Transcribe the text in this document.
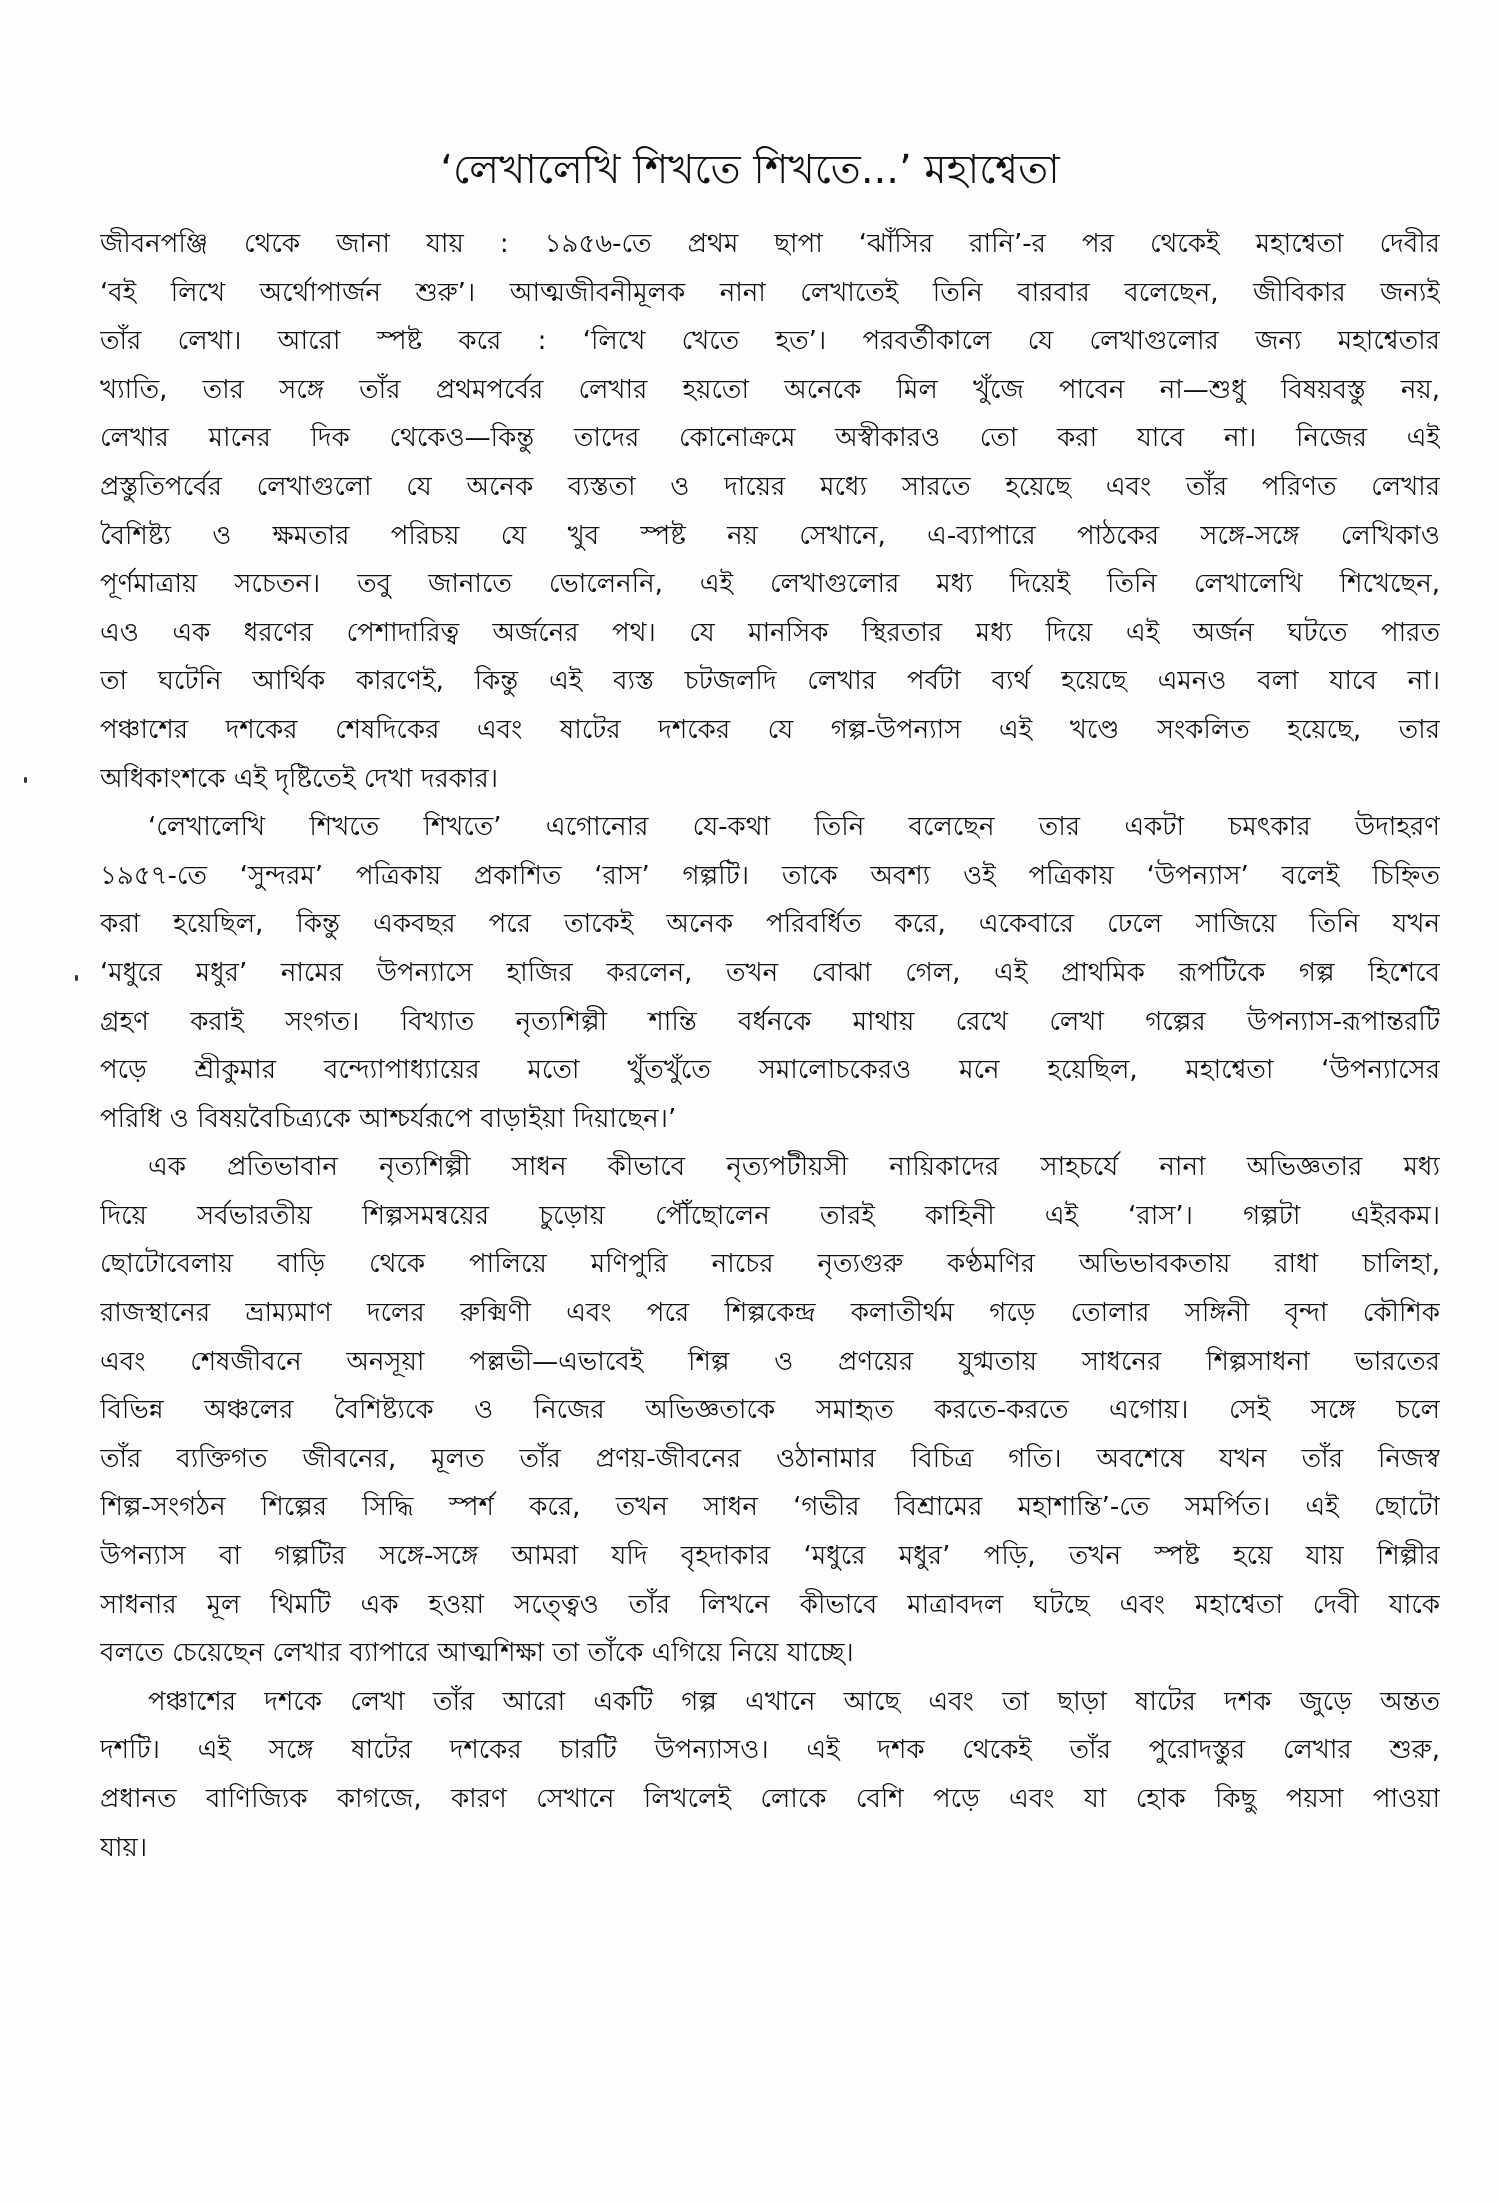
‘লেখালেখি শিখতে শিখতে...’ মহাশ্বেতা
জীবনপঞ্জি থেকে জানা যায় : ১৯৫৬-তে প্রথম ছাপা ‘ঝাঁসির রানি’-র পর থেকেই মহাশ্বেতা দেবীর
‘বই লিখে অর্থোপার্জন শুরু’। আত্মজীবনীমূলক নানা লেখাতেই তিনি বারবার বলেছেন, জীবিকার জন্যই
তাঁর লেখা। আরো স্পষ্ট করে : ‘লিখে খেতে হত’। পরবর্তীকালে যে লেখাগুলোর জন্য মহাশ্বেতার
খ্যাতি, তার সঙ্গে তাঁর প্রথমপর্বের লেখার হয়তো অনেকে মিল খুঁজে পাবেন না—শুধু বিষয়বস্তু নয়,
লেখার মানের দিক থেকেও—কিন্তু তাদের কোনোক্রমে অস্বীকারও তো করা যাবে না। নিজের এই
প্রস্তুতিপর্বের লেখাগুলো যে অনেক ব্যস্ততা ও দায়ের মধ্যে সারতে হয়েছে এবং তাঁর পরিণত লেখার
বৈশিষ্ট্য ও ক্ষমতার পরিচয় যে খুব স্পষ্ট নয় সেখানে, এ-ব্যাপারে পাঠকের সঙ্গে-সঙ্গে লেখিকাও
পূর্ণমাত্রায় সচেতন। তবু জানাতে ভোলেননি, এই লেখাগুলোর মধ্য দিয়েই তিনি লেখালেখি শিখেছেন,
এও এক ধরণের পেশাদারিত্ব অর্জনের পথ। যে মানসিক স্থিরতার মধ্য দিয়ে এই অর্জন ঘটতে পারত
তা ঘটেনি আর্থিক কারণেই, কিন্তু এই ব্যস্ত চটজলদি লেখার পর্বটা ব্যর্থ হয়েছে এমনও বলা যাবে না।
পঞ্চাশের দশকের শেষদিকের এবং ষাটের দশকের যে গল্প-উপন্যাস এই খণ্ডে সংকলিত হয়েছে, তার
অধিকাংশকে এই দৃষ্টিতেই দেখা দরকার।
‘লেখালেখি শিখতে শিখতে’ এগোনোর যে-কথা তিনি বলেছেন তার একটা চমৎকার উদাহরণ
১৯৫৭-তে ‘সুন্দরম’ পত্রিকায় প্রকাশিত ‘রাস’ গল্পটি। তাকে অবশ্য ওই পত্রিকায় ‘উপন্যাস’ বলেই চিহ্নিত
করা হয়েছিল, কিন্তু একবছর পরে তাকেই অনেক পরিবর্ধিত করে, একেবারে ঢেলে সাজিয়ে তিনি যখন
‘মধুরে মধুর’ নামের উপন্যাসে হাজির করলেন, তখন বোঝা গেল, এই প্রাথমিক রূপটিকে গল্প হিশেবে
গ্রহণ করাই সংগত। বিখ্যাত নৃত্যশিল্পী শান্তি বর্ধনকে মাথায় রেখে লেখা গল্পের উপন্যাস-রূপান্তরটি
পড়ে শ্রীকুমার বন্দ্যোপাধ্যায়ের মতো খুঁতখুঁতে সমালোচকেরও মনে হয়েছিল, মহাশ্বেতা ‘উপন্যাসের
পরিধি ও বিষয়বৈচিত্র্যকে আশ্চর্যরূপে বাড়াইয়া দিয়াছেন।’
এক প্রতিভাবান নৃত্যশিল্পী সাধন কীভাবে নৃত্যপটীয়সী নায়িকাদের সাহচর্যে নানা অভিজ্ঞতার মধ্য
দিয়ে সর্বভারতীয় শিল্পসমন্বয়ের চুড়োয় পৌঁছোলেন তারই কাহিনী এই ‘রাস’। গল্পটা এইরকম।
ছোটোবেলায় বাড়ি থেকে পালিয়ে মণিপুরি নাচের নৃত্যগুরু কণ্ঠমণির অভিভাবকতায় রাধা চালিহা,
রাজস্থানের ভ্রাম্যমাণ দলের রুক্মিণী এবং পরে শিল্পকেন্দ্র কলাতীর্থম গড়ে তোলার সঙ্গিনী বৃন্দা কৌশিক
এবং শেষজীবনে অনসূয়া পল্লভী—এভাবেই শিল্প ও প্রণয়ের যুগ্মতায় সাধনের শিল্পসাধনা ভারতের
বিভিন্ন অঞ্চলের বৈশিষ্ট্যকে ও নিজের অভিজ্ঞতাকে সমাহৃত করতে-করতে এগোয়। সেই সঙ্গে চলে
তাঁর ব্যক্তিগত জীবনের, মূলত তাঁর প্রণয়-জীবনের ওঠানামার বিচিত্র গতি। অবশেষে যখন তাঁর নিজস্ব
শিল্প-সংগঠন শিল্পের সিদ্ধি স্পর্শ করে, তখন সাধন ‘গভীর বিশ্রামের মহাশান্তি’-তে সমর্পিত। এই ছোটো
উপন্যাস বা গল্পটির সঙ্গে-সঙ্গে আমরা যদি বৃহদাকার ‘মধুরে মধুর’ পড়ি, তখন স্পষ্ট হয়ে যায় শিল্পীর
সাধনার মূল থিমটি এক হওয়া সত্ত্বেও তাঁর লিখনে কীভাবে মাত্রাবদল ঘটছে এবং মহাশ্বেতা দেবী যাকে
বলতে চেয়েছেন লেখার ব্যাপারে আত্মশিক্ষা তা তাঁকে এগিয়ে নিয়ে যাচ্ছে।
পঞ্চাশের দশকে লেখা তাঁর আরো একটি গল্প এখানে আছে এবং তা ছাড়া ষাটের দশক জুড়ে অন্তত
দশটি। এই সঙ্গে ষাটের দশকের চারটি উপন্যাসও। এই দশক থেকেই তাঁর পুরোদস্তুর লেখার শুরু,
প্রধানত বাণিজ্যিক কাগজে, কারণ সেখানে লিখলেই লোকে বেশি পড়ে এবং যা হোক কিছু পয়সা পাওয়া
যায়।
